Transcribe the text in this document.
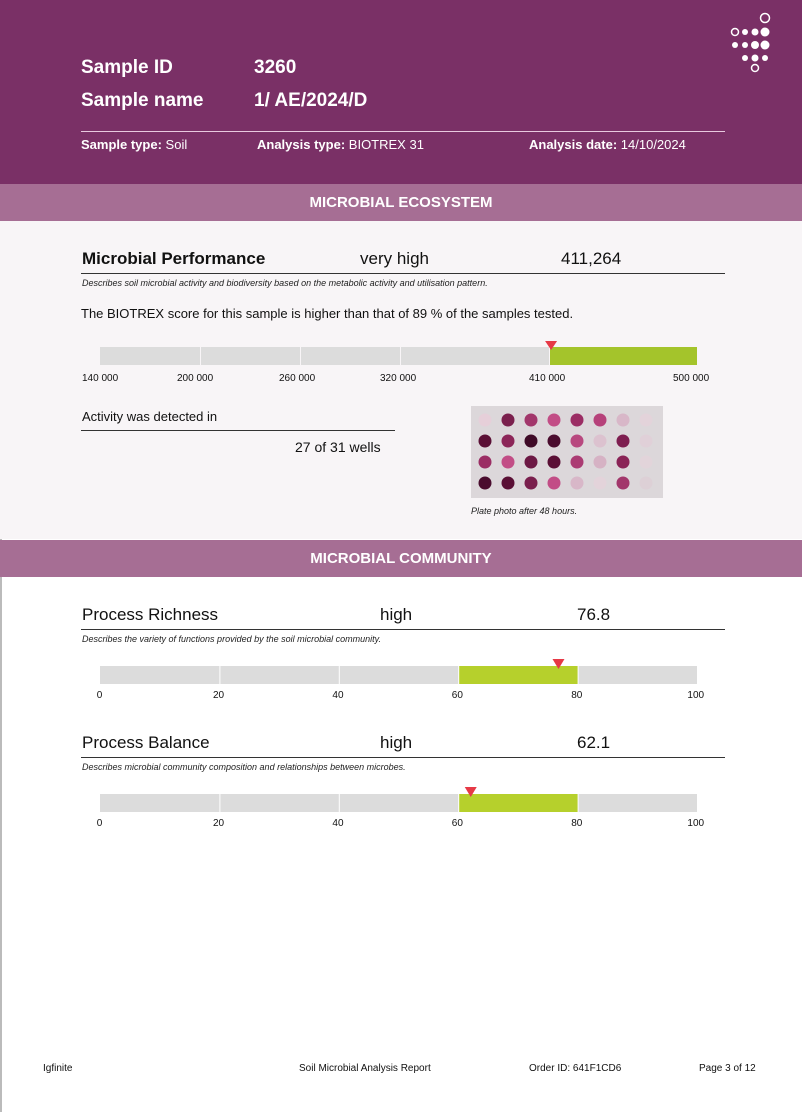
Sample ID	3260
Sample name	1/ AE/2024/D
Sample type: Soil	Analysis type: BIOTREX 31	Analysis date: 14/10/2024
MICROBIAL ECOSYSTEM
Microbial Performance	very high	411,264
Describes soil microbial activity and biodiversity based on the metabolic activity and utilisation pattern.
The BIOTREX score for this sample is higher than that of 89 % of the samples tested.
140 000	200 000	260 000	320 000	410 000	500 000
Activity was detected in
27 of 31 wells
Plate photo after 48 hours.
MICROBIAL COMMUNITY
Process Richness	high	76.8
Describes the variety of functions provided by the soil microbial community.
0	20	40	60	80	100
Process Balance	high	62.1
Describes microbial community composition and relationships between microbes.
0	20	40	60	80	100
Igfinite	Soil Microbial Analysis Report	Order ID: 641F1CD6	Page 3 of 12
